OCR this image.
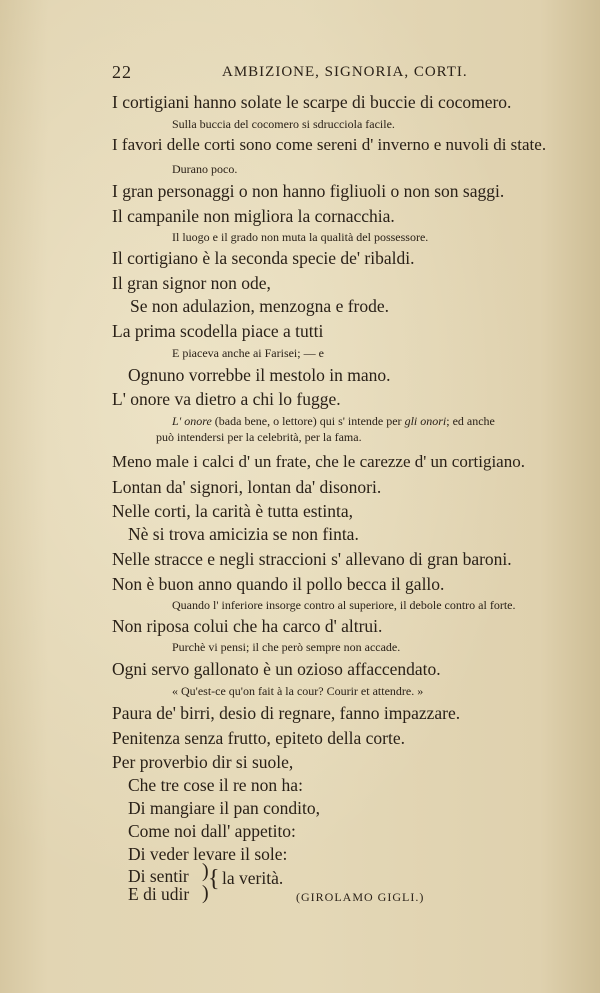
22	AMBIZIONE, SIGNORIA, CORTI.
I cortigiani hanno solate le scarpe di buccie di cocomero.
Sulla buccia del cocomero si sdrucciola facile.
I favori delle corti sono come sereni d' inverno e nuvoli di state.
Durano poco.
I gran personaggi o non hanno figliuoli o non son saggi.
Il campanile non migliora la cornacchia.
Il luogo e il grado non muta la qualità del possessore.
Il cortigiano è la seconda specie de' ribaldi.
Il gran signor non ode,
Se non adulazion, menzogna e frode.
La prima scodella piace a tutti
E piaceva anche ai Farisei; — e
Ognuno vorrebbe il mestolo in mano.
L' onore va dietro a chi lo fugge.
L' onore (bada bene, o lettore) qui s' intende per gli onori; ed anche
può intendersi per la celebrità, per la fama.
Meno male i calci d' un frate, che le carezze d' un cortigiano.
Lontan da' signori, lontan da' disonori.
Nelle corti, la carità è tutta estinta,
Nè si trova amicizia se non finta.
Nelle stracce e negli straccioni s' allevano di gran baroni.
Non è buon anno quando il pollo becca il gallo.
Quando l' inferiore insorge contro al superiore, il debole contro al forte.
Non riposa colui che ha carco d' altrui.
Purchè vi pensi; il che però sempre non accade.
Ogni servo gallonato è un ozioso affaccendato.
« Qu'est-ce qu'on fait à la cour? Courir et attendre. »
Paura de' birri, desio di regnare, fanno impazzare.
Penitenza senza frutto, epiteto della corte.
Per proverbio dir si suole,
Che tre cose il re non ha:
Di mangiare il pan condito,
Come noi dall' appetito:
Di veder levare il sole:
Di sentir
E di udir
) {
)
la verità.
(GIROLAMO GIGLI.)
